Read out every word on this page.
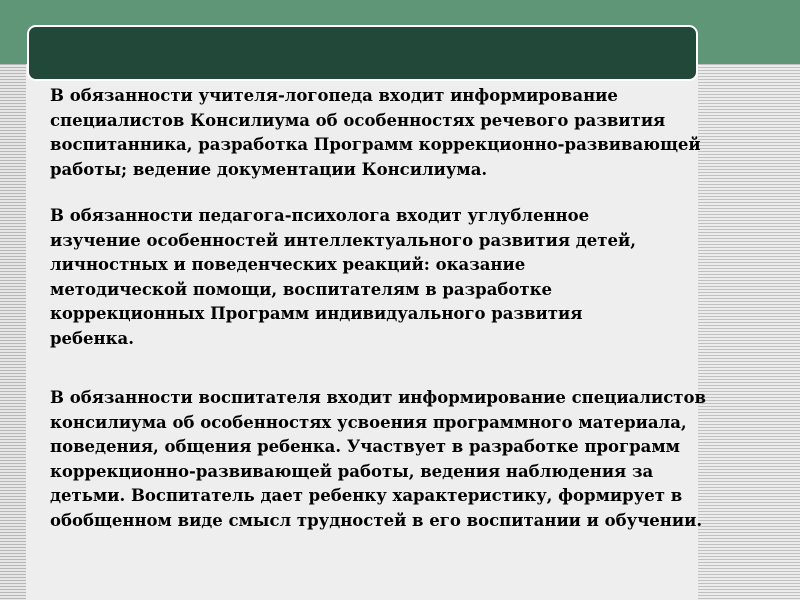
В обязанности учителя-логопеда входит информирование
специалистов Консилиума об особенностях речевого развития
воспитанника, разработка Программ коррекционно-развивающей
работы; ведение документации Консилиума.

В обязанности педагога-психолога входит углубленное
изучение особенностей интеллектуального развития детей,
личностных и поведенческих реакций: оказание
методической помощи, воспитателям в разработке
коррекционных Программ индивидуального развития
ребенка.

В обязанности воспитателя входит информирование специалистов
консилиума об особенностях усвоения программного материала,
поведения, общения ребенка. Участвует в разработке программ
коррекционно-развивающей работы, ведения наблюдения за
детьми. Воспитатель дает ребенку характеристику, формирует в
обобщенном виде смысл трудностей в его воспитании и обучении.
